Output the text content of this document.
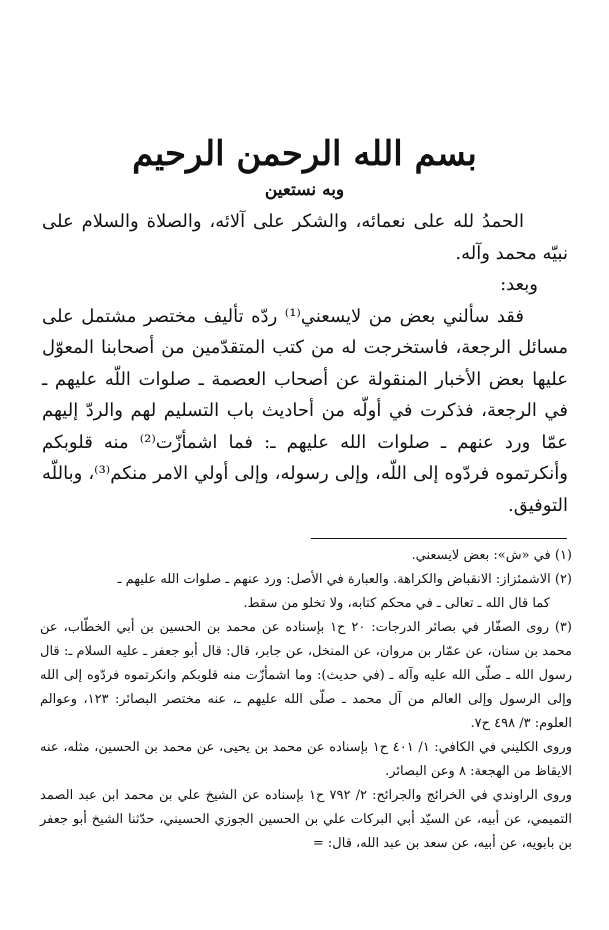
بسم الله الرحمن الرحيم
وبه نستعين

الحمدُ لله على نعمائه، والشكر على آلائه، والصلاة والسلام على نبيّه محمد وآله.

وبعد:

فقد سألني بعض من لايسعني⁽¹⁾ ردّه تأليف مختصر مشتمل على مسائل الرجعة، فاستخرجت له من كتب المتقدّمين من أصحابنا المعوّل عليها بعض الأخبار المنقولة عن أصحاب العصمة ـ صلوات اللّه عليهم ـ في الرجعة، فذكرت في أولّه من أحاديث باب التسليم لهم والردّ إليهم عمّا ورد عنهم ـ صلوات الله عليهم ـ: فما اشمأزّت⁽²⁾ منه قلوبكم وأنكرتموه فردّوه إلى اللّه، وإلى رسوله، وإلى أولي الامر منكم⁽³⁾، وباللّه التوفيق.

(١) في «ش»: بعض لايسعني.

(٢) الاشمئزاز: الانقباض والكراهة. والعبارة في الأصل: ورد عنهم ـ صلوات الله عليهم ـ

كما قال الله ـ تعالى ـ في محكم كتابه، ولا تخلو من سقط.

(٣) روى الصفّار في بصائر الدرجات: ٢٠ ح١ بإسناده عن محمد بن الحسين بن أبي الخطّاب، عن محمد بن سنان، عن عمّار بن مروان، عن المنخل، عن جابر، قال: قال أبو جعفر ـ عليه السلام ـ: قال رسول الله ـ صلّى الله عليه وآله ـ (في حديث): وما اشمأزّت منه قلوبكم وانكرتموه فردّوه إلى الله وإلى الرسول وإلى العالم من آل محمد ـ صلّى الله عليهم ـ، عنه مختصر البصائر: ١٢٣، وعوالم العلوم: ٣/ ٤٩٨ ح٧.

وروى الكليني في الكافي: ١/ ٤٠١ ح١ بإسناده عن محمد بن يحيى، عن محمد بن الحسين، مثله، عنه الايقاظ من الهجعة: ٨ وعن البصائر.

وروى الراوندي في الخرائج والجرائح: ٢/ ٧٩٢ ح١ بإسناده عن الشيخ علي بن محمد ابن عبد الصمد التميمي، عن أبيه، عن السيّد أبي البركات علي بن الحسين الجوزي الحسيني، حدّثنا الشيخ أبو جعفر بن بابويه، عن أبيه، عن سعد بن عبد الله، قال: =
